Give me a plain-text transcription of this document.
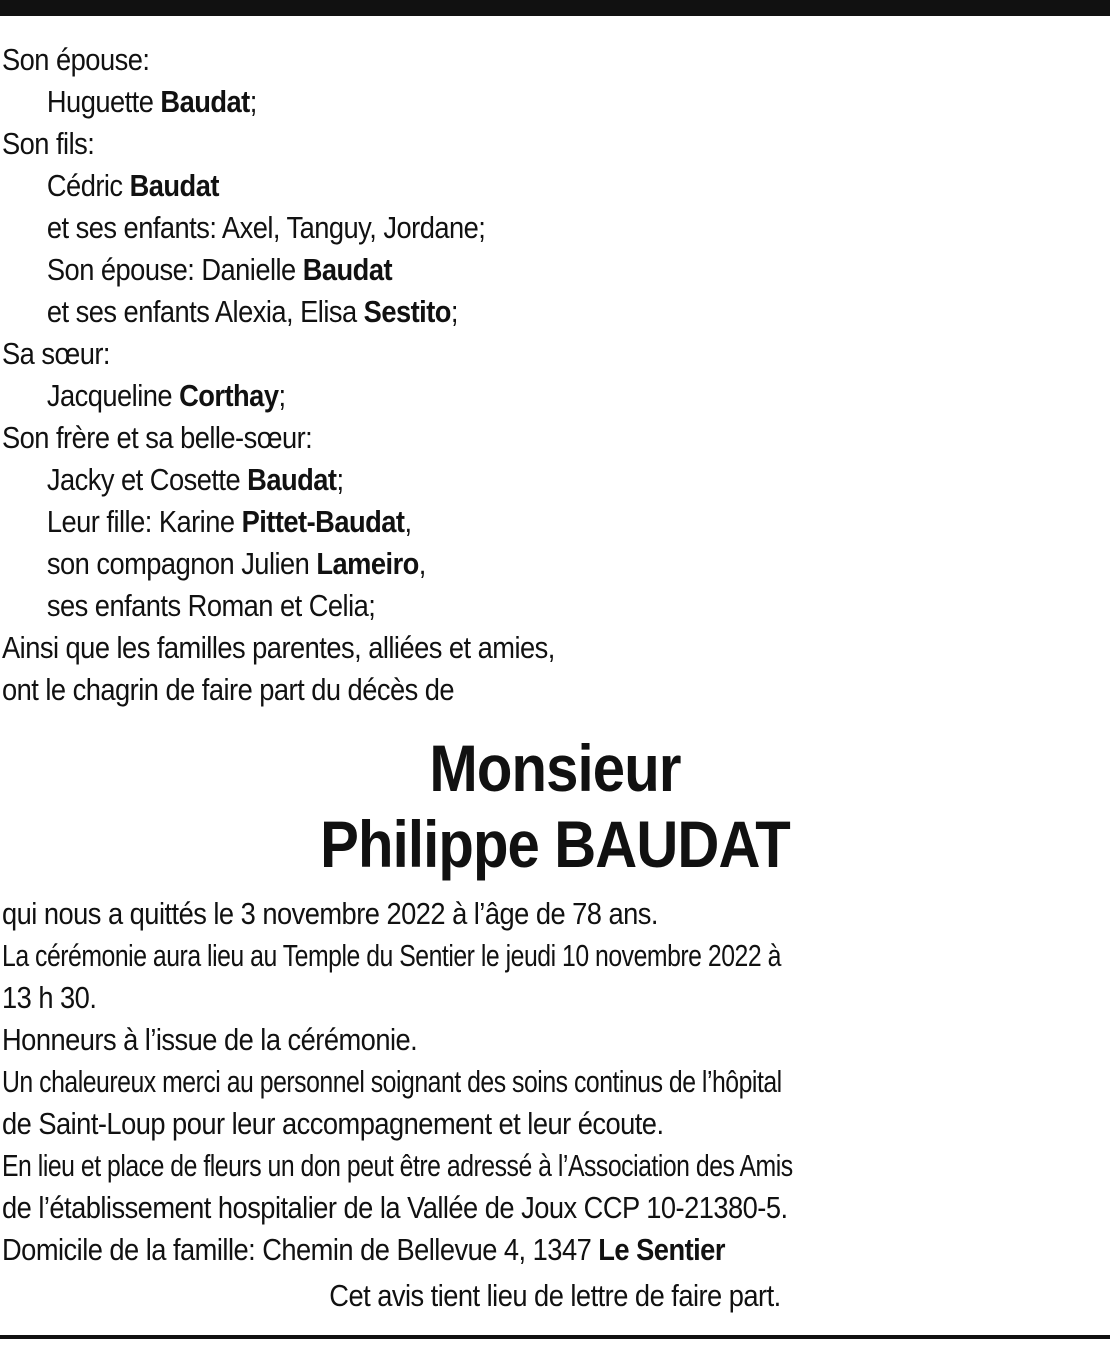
Son épouse:
Huguette Baudat;
Son fils:
Cédric Baudat
et ses enfants: Axel, Tanguy, Jordane;
Son épouse: Danielle Baudat
et ses enfants Alexia, Elisa Sestito;
Sa sœur:
Jacqueline Corthay;
Son frère et sa belle-sœur:
Jacky et Cosette Baudat;
Leur fille: Karine Pittet-Baudat,
son compagnon Julien Lameiro,
ses enfants Roman et Celia;
Ainsi que les familles parentes, alliées et amies,
ont le chagrin de faire part du décès de
Monsieur
Philippe BAUDAT
qui nous a quittés le 3 novembre 2022 à l’âge de 78 ans.
La cérémonie aura lieu au Temple du Sentier le jeudi 10 novembre 2022 à
13 h 30.
Honneurs à l’issue de la cérémonie.
Un chaleureux merci au personnel soignant des soins continus de l’hôpital
de Saint-Loup pour leur accompagnement et leur écoute.
En lieu et place de fleurs un don peut être adressé à l’Association des Amis
de l’établissement hospitalier de la Vallée de Joux CCP 10-21380-5.
Domicile de la famille: Chemin de Bellevue 4, 1347 Le Sentier
Cet avis tient lieu de lettre de faire part.
